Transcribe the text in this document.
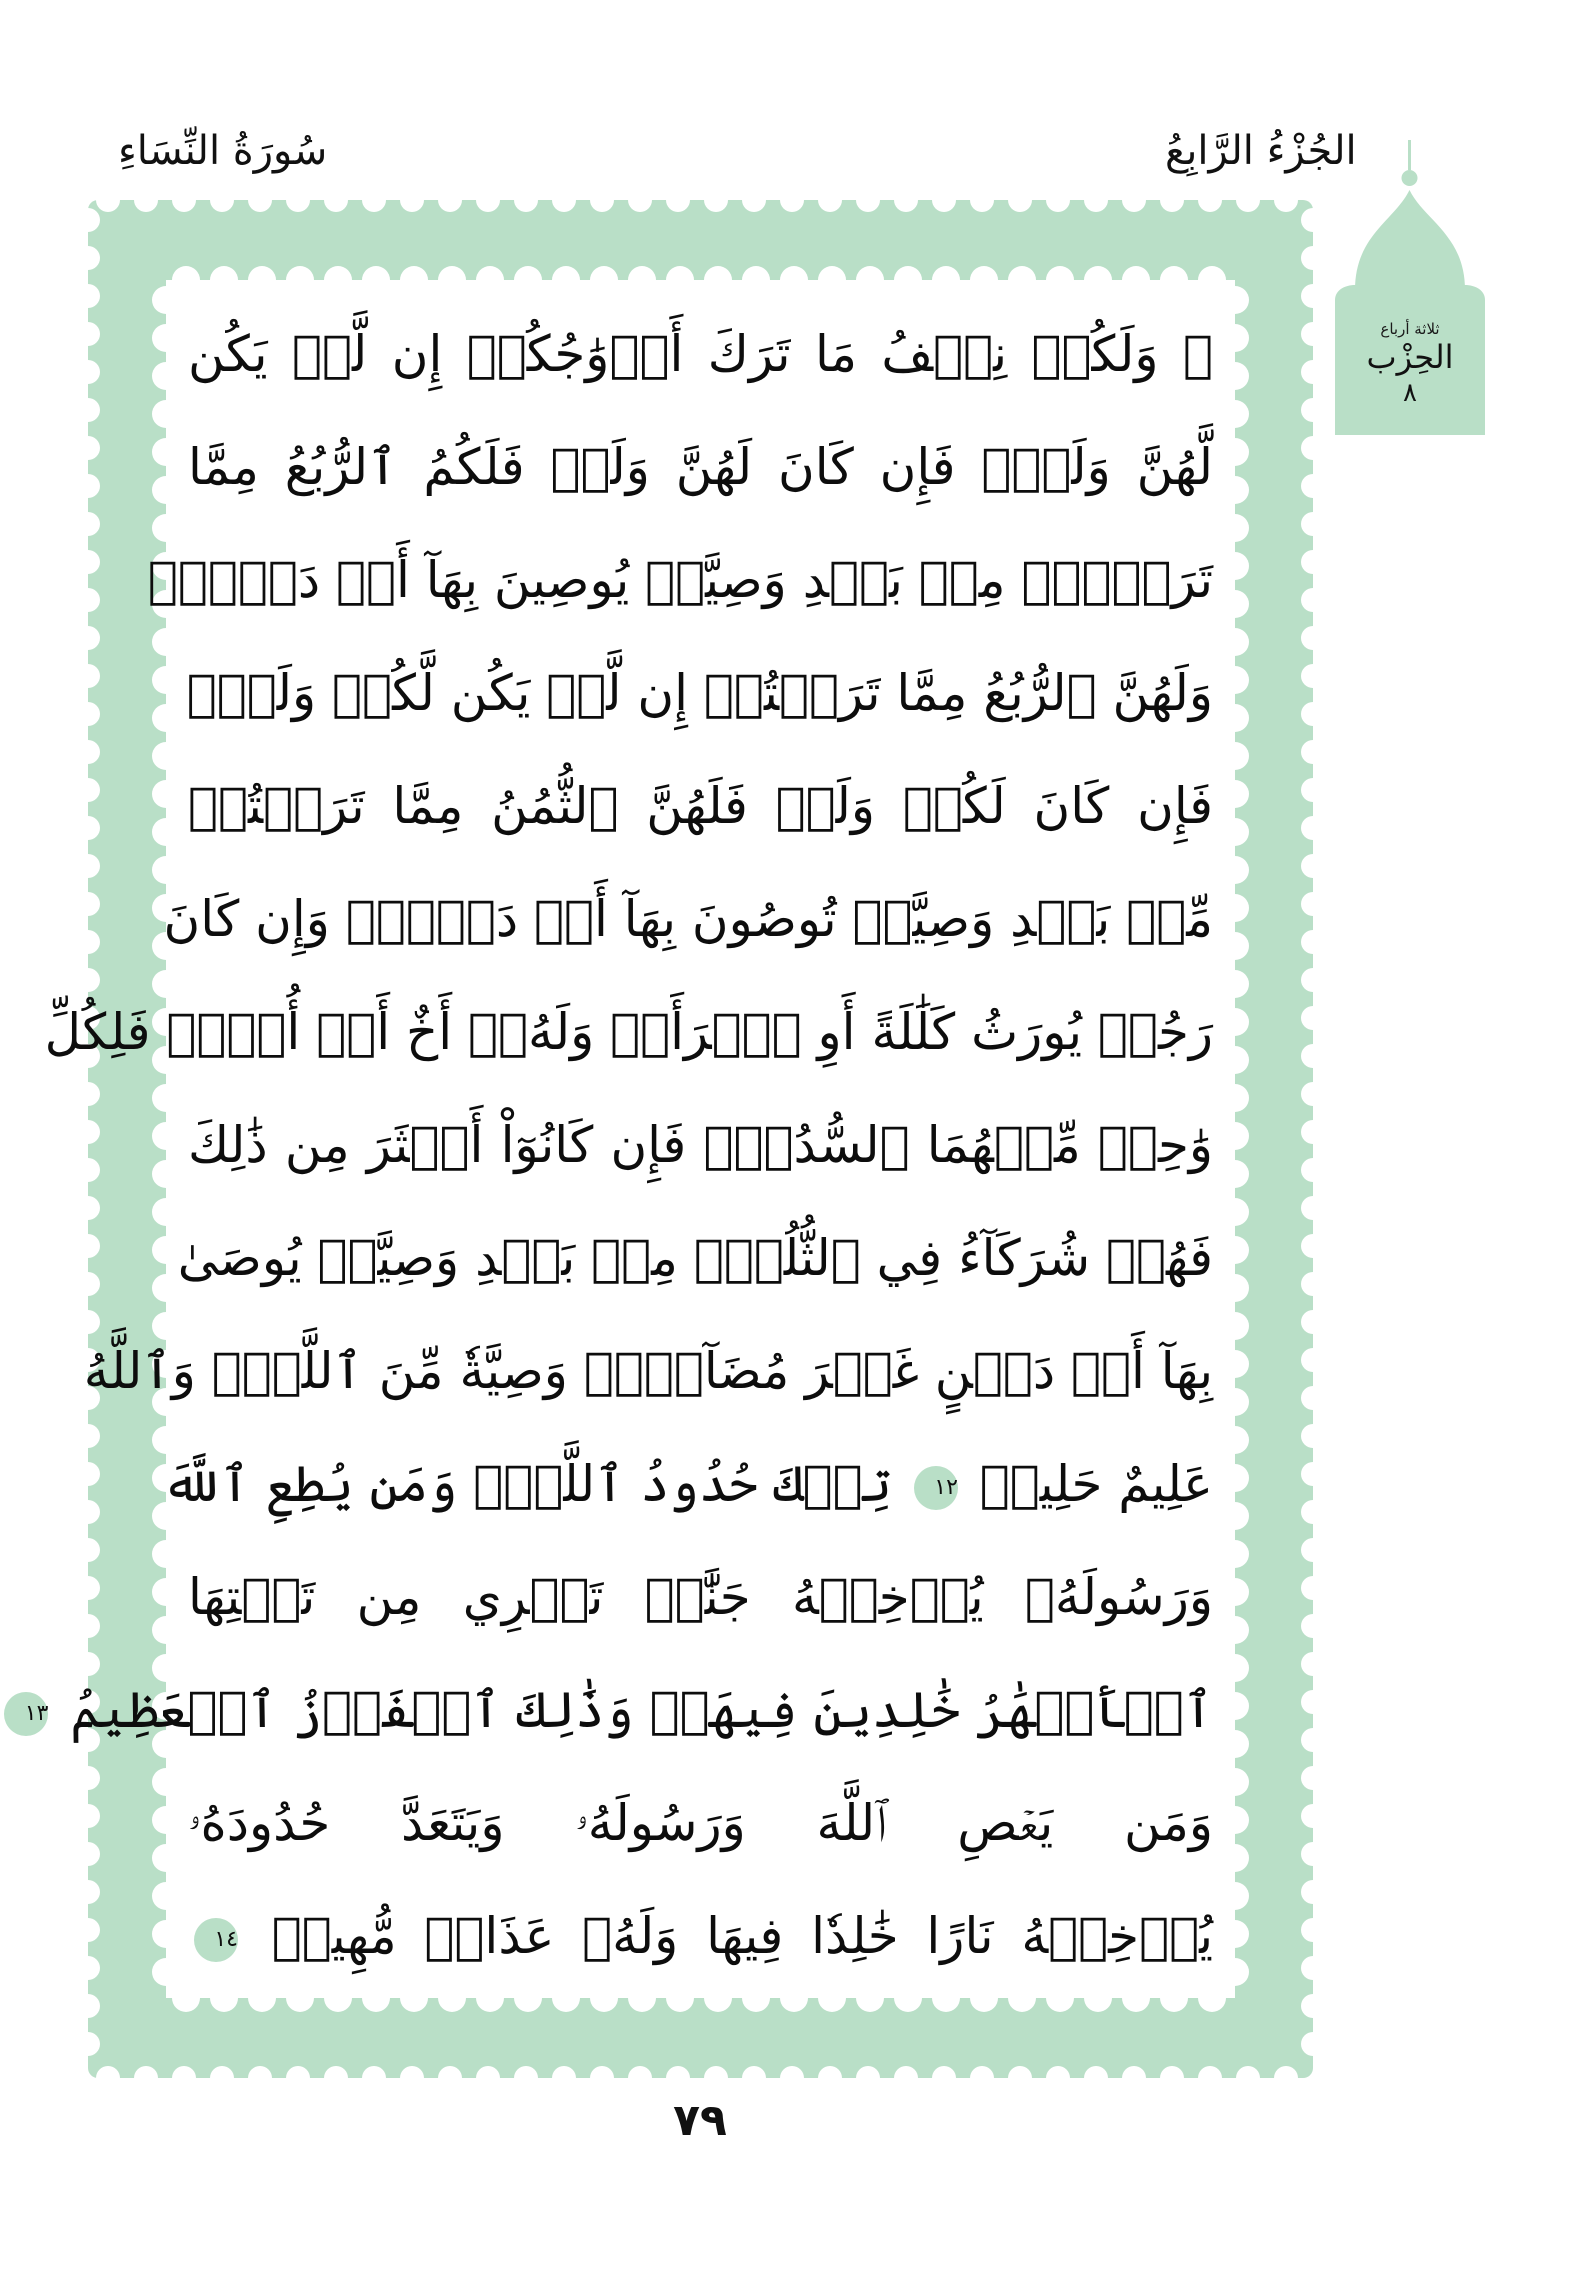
الجُزْءُ الرَّابِعُ
سُورَةُ النِّسَاءِ
ثلاثة أرباع
الحِزْب
٨
۞ وَلَكُمۡ نِصۡفُ مَا تَرَكَ أَزۡوَٰجُكُمۡ إِن لَّمۡ يَكُن
لَّهُنَّ وَلَدٞۚ فَإِن كَانَ لَهُنَّ وَلَدٞ فَلَكُمُ ٱلرُّبُعُ مِمَّا
تَرَكۡنَۚ مِنۢ بَعۡدِ وَصِيَّةٖ يُوصِينَ بِهَآ أَوۡ دَيۡنٖۚ
وَلَهُنَّ ٱلرُّبُعُ مِمَّا تَرَكۡتُمۡ إِن لَّمۡ يَكُن لَّكُمۡ وَلَدٞۚ
فَإِن كَانَ لَكُمۡ وَلَدٞ فَلَهُنَّ ٱلثُّمُنُ مِمَّا تَرَكۡتُمۚ
مِّنۢ بَعۡدِ وَصِيَّةٖ تُوصُونَ بِهَآ أَوۡ دَيۡنٖۗ وَإِن كَانَ
رَجُلٞ يُورَثُ كَلَٰلَةً أَوِ ٱمۡرَأَةٞ وَلَهُۥٓ أَخٌ أَوۡ أُخۡتٞ فَلِكُلِّ
وَٰحِدٖ مِّنۡهُمَا ٱلسُّدُسُۚ فَإِن كَانُوٓاْ أَكۡثَرَ مِن ذَٰلِكَ
فَهُمۡ شُرَكَآءُ فِي ٱلثُّلُثِۚ مِنۢ بَعۡدِ وَصِيَّةٖ يُوصَىٰ
بِهَآ أَوۡ دَيۡنٍ غَيۡرَ مُضَآرّٖۚ وَصِيَّةٗ مِّنَ ٱللَّهِۗ وَٱللَّهُ
عَلِيمٌ حَلِيمٞ ١٢ تِلۡكَ حُدُودُ ٱللَّهِۚ وَمَن يُطِعِ ٱللَّهَ
وَرَسُولَهُۥ يُدۡخِلۡهُ جَنَّٰتٖ تَجۡرِي مِن تَحۡتِهَا
ٱلۡأَنۡهَٰرُ خَٰلِدِينَ فِيهَاۚ وَذَٰلِكَ ٱلۡفَوۡزُ ٱلۡعَظِيمُ ١٣
وَمَن يَعۡصِ ٱللَّهَ وَرَسُولَهُۥ وَيَتَعَدَّ حُدُودَهُۥ
يُدۡخِلۡهُ نَارًا خَٰلِدٗا فِيهَا وَلَهُۥ عَذَابٞ مُّهِينٞ ١٤
٧٩
